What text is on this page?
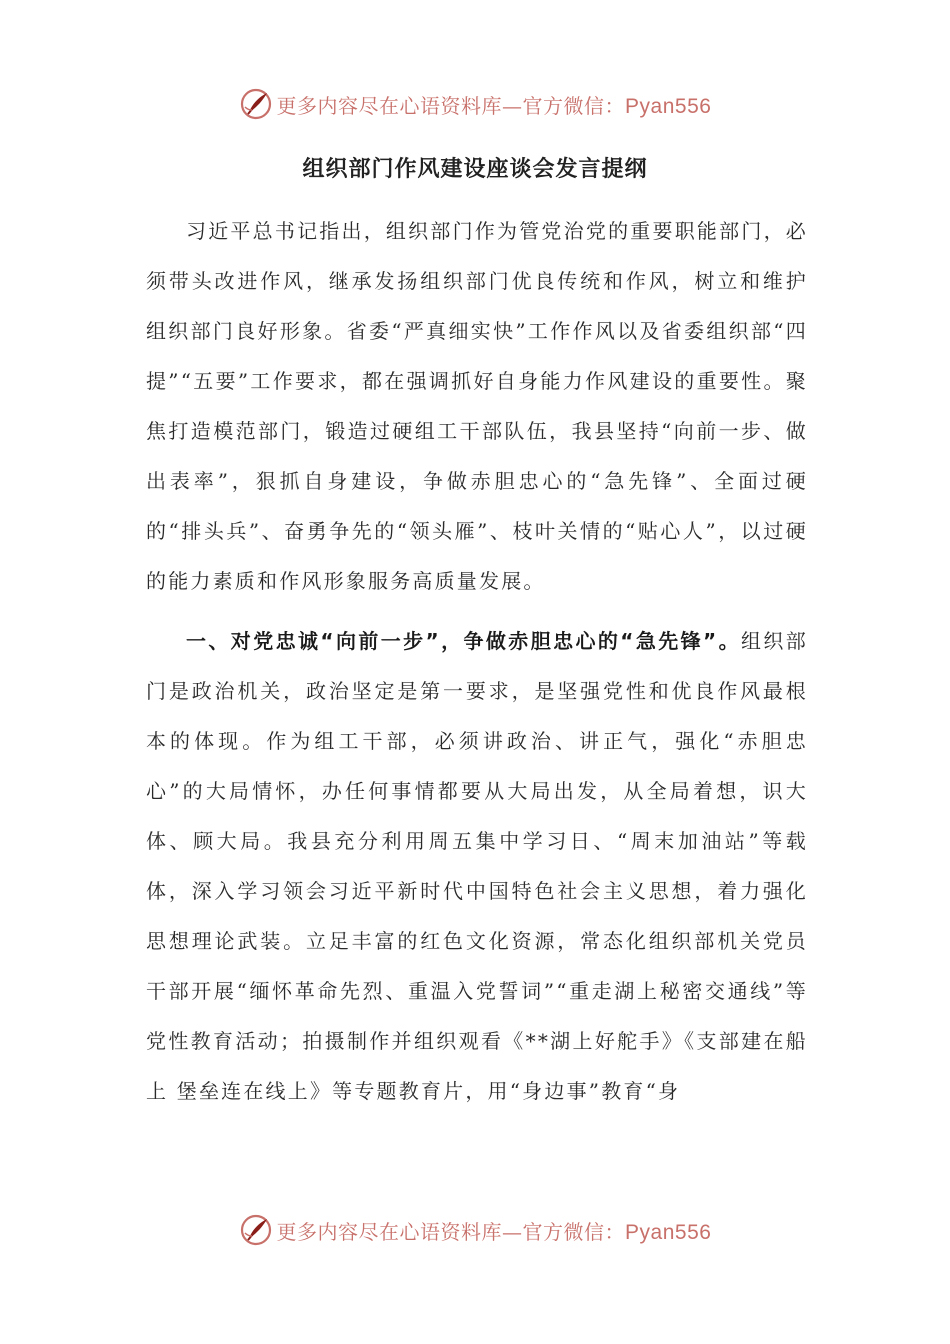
更多内容尽在心语资料库—官方微信：Pyan556
组织部门作风建设座谈会发言提纲

习近平总书记指出，组织部门作为管党治党的重要职能部门，必须带头改进作风，继承发扬组织部门优良传统和作风，树立和维护组织部门良好形象。省委“严真细实快”工作作风以及省委组织部“四提”“五要”工作要求，都在强调抓好自身能力作风建设的重要性。聚焦打造模范部门，锻造过硬组工干部队伍，我县坚持“向前一步、做出表率”，狠抓自身建设，争做赤胆忠心的“急先锋”、全面过硬的“排头兵”、奋勇争先的“领头雁”、枝叶关情的“贴心人”，以过硬的能力素质和作风形象服务高质量发展。

一、对党忠诚“向前一步”，争做赤胆忠心的“急先锋”。组织部门是政治机关，政治坚定是第一要求，是坚强党性和优良作风最根本的体现。作为组工干部，必须讲政治、讲正气，强化“赤胆忠心”的大局情怀，办任何事情都要从大局出发，从全局着想，识大体、顾大局。我县充分利用周五集中学习日、“周末加油站”等载体，深入学习领会习近平新时代中国特色社会主义思想，着力强化思想理论武装。立足丰富的红色文化资源，常态化组织部机关党员干部开展“缅怀革命先烈、重温入党誓词”“重走湖上秘密交通线”等党性教育活动；拍摄制作并组织观看《**湖上好舵手》《支部建在船上 堡垒连在线上》等专题教育片，用“身边事”教育“身

更多内容尽在心语资料库—官方微信：Pyan556
